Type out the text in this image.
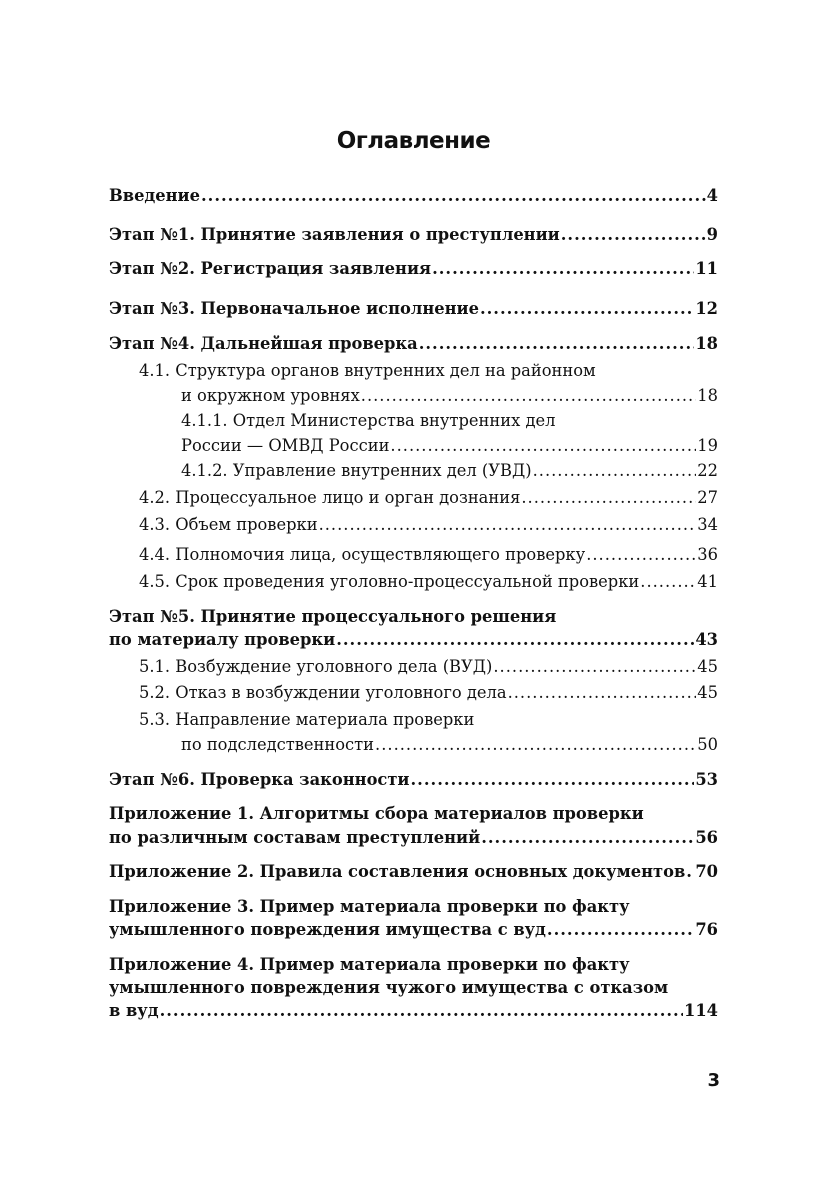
Оглавление
Введение .....	4
Этап №1. Принятие заявления о преступлении .....	9
Этап №2. Регистрация заявления .....	11
Этап №3. Первоначальное исполнение .....	12
Этап №4. Дальнейшая проверка .....	18
4.1. Структура органов внутренних дел на районном
и окружном уровнях .....	18
4.1.1. Отдел Министерства внутренних дел
России — ОМВД России .....	19
4.1.2. Управление внутренних дел (УВД) .....	22
4.2. Процессуальное лицо и орган дознания .....	27
4.3. Объем проверки .....	34
4.4. Полномочия лица, осуществляющего проверку .....	36
4.5. Срок проведения уголовно-процессуальной проверки .....	41
Этап №5. Принятие процессуального решения
по материалу проверки .....	43
5.1. Возбуждение уголовного дела (ВУД) .....	45
5.2. Отказ в возбуждении уголовного дела .....	45
5.3. Направление материала проверки
по подследственности .....	50
Этап №6. Проверка законности .....	53
Приложение 1. Алгоритмы сбора материалов проверки
по различным составам преступлений .....	56
Приложение 2. Правила составления основных документов ..... 70
Приложение 3. Пример материала проверки по факту
умышленного повреждения имущества с вуд .....	76
Приложение 4. Пример материала проверки по факту
умышленного повреждения чужого имущества с отказом
в вуд .....	114
3
